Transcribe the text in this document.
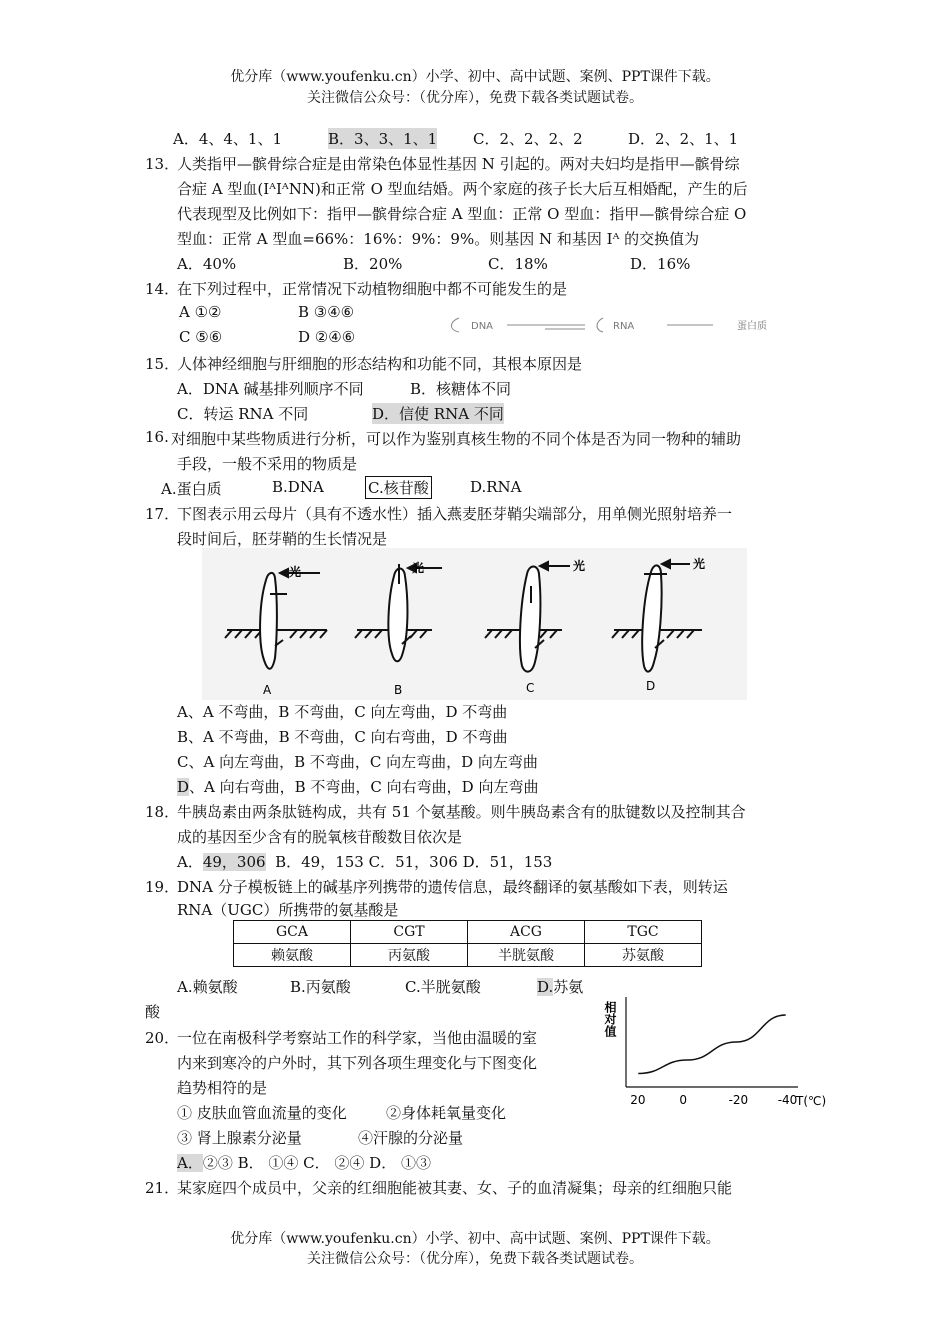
优分库（www.youfenku.cn）小学、初中、高中试题、案例、PPT课件下载。
关注微信公众号：（优分库），免费下载各类试题试卷。
A．4、4、1、1	B．3、3、1、1 C．2、2、2、2	D．2、2、1、1
13．
人类指甲—髌骨综合症是由常染色体显性基因 N 引起的。两对夫妇均是指甲—髌骨综
合症 A 型血(IᴬIᴬNN)和正常 O 型血结婚。两个家庭的孩子长大后互相婚配，产生的后
代表现型及比例如下：指甲—髌骨综合症 A 型血：正常 O 型血：指甲—髌骨综合症 O
型血：正常 A 型血=66%：16%：9%：9%。则基因 N 和基因 Iᴬ 的交换值为
A．40%	B．20%	C．18%	D．16%
14．
在下列过程中，正常情况下动植物细胞中都不可能发生的是
A ①②	B ③④⑥
C ⑤⑥	D ②④⑥
DNA	RNA	蛋白质
15．
人体神经细胞与肝细胞的形态结构和功能不同，其根本原因是
A．DNA 碱基排列顺序不同	B．核糖体不同
C．转运 RNA 不同	D．信使 RNA 不同
16. 对细胞中某些物质进行分析，可以作为鉴别真核生物的不同个体是否为同一物种的辅助
手段，一般不采用的物质是
A.蛋白质	B.DNA	C.核苷酸	D.RNA
17．
下图表示用云母片（具有不透水性）插入燕麦胚芽鞘尖端部分，用单侧光照射培养一
段时间后，胚芽鞘的生长情况是
光	光	光	光
A	B	C	D
A、A 不弯曲，B 不弯曲，C 向左弯曲，D 不弯曲
B、A 不弯曲，B 不弯曲，C 向右弯曲，D 不弯曲
C、A 向左弯曲，B 不弯曲，C 向左弯曲，D 向左弯曲
D、A 向右弯曲，B 不弯曲，C 向右弯曲，D 向左弯曲
18．
牛胰岛素由两条肽链构成，共有 51 个氨基酸。则牛胰岛素含有的肽键数以及控制其合
成的基因至少含有的脱氧核苷酸数目依次是
A．49，306 B．49，153 C．51，306 D．51，153
19．
DNA 分子模板链上的碱基序列携带的遗传信息，最终翻译的氨基酸如下表，则转运
RNA（UGC）所携带的氨基酸是
GCA	CGT	ACG	TGC
赖氨酸	丙氨酸	半胱氨酸	苏氨酸
A.赖氨酸	B.丙氨酸	C.半胱氨酸	D.苏氨
酸
20．
一位在南极科学考察站工作的科学家，当他由温暖的室
内来到寒冷的户外时，其下列各项生理变化与下图变化
趋势相符的是
① 皮肤血管血流量的变化	②身体耗氧量变化
③ 肾上腺素分泌量	④汗腺的分泌量
A．②③ B． ①④ C． ②④ D． ①③
相对值
20	0	-20 -40
T(℃)
21．
某家庭四个成员中，父亲的红细胞能被其妻、女、子的血清凝集；母亲的红细胞只能
优分库（www.youfenku.cn）小学、初中、高中试题、案例、PPT课件下载。
关注微信公众号：（优分库），免费下载各类试题试卷。
